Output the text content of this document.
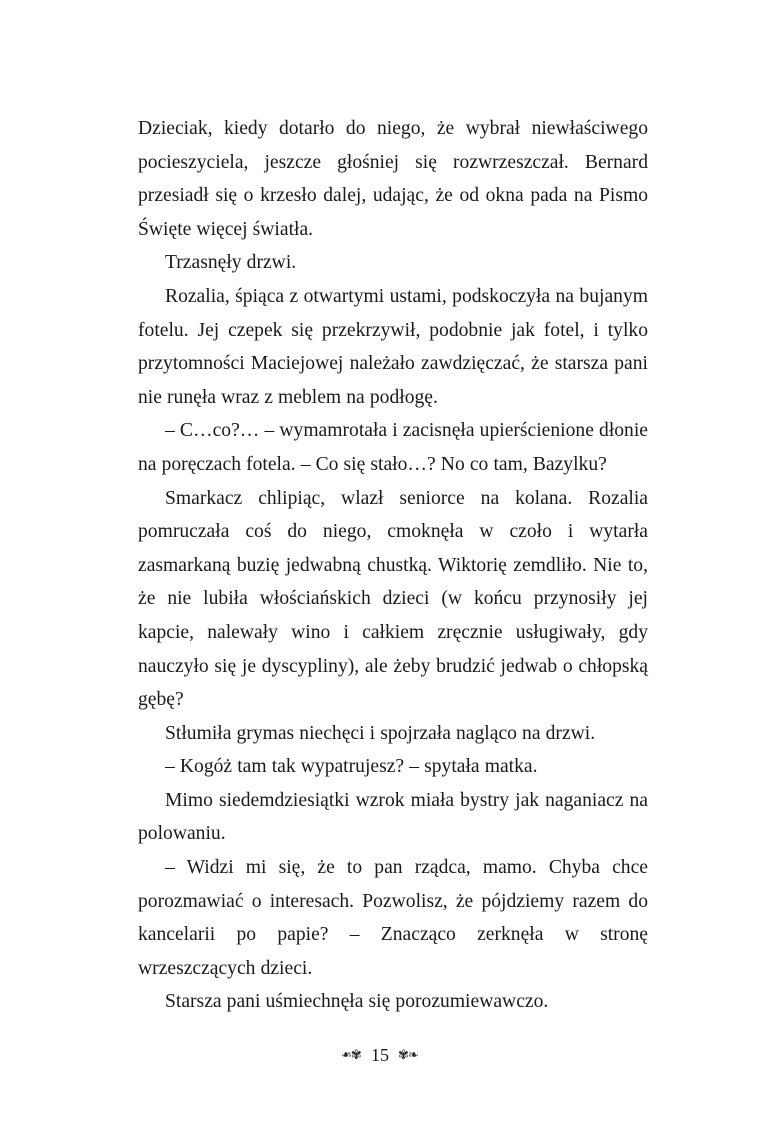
Dzieciak, kiedy dotarło do niego, że wybrał niewłaściwego pocieszyciela, jeszcze głośniej się rozwrzeszczał. Bernard przesiadł się o krzesło dalej, udając, że od okna pada na Pismo Święte więcej światła.

Trzasnęły drzwi.

Rozalia, śpiąca z otwartymi ustami, podskoczyła na bujanym fotelu. Jej czepek się przekrzywił, podobnie jak fotel, i tylko przytomności Maciejowej należało zawdzięczać, że starsza pani nie runęła wraz z meblem na podłogę.

– C…co?… – wymamrotała i zacisnęła upierścienione dłonie na poręczach fotela. – Co się stało…? No co tam, Bazylku?

Smarkacz chlipiąc, wlazł seniorce na kolana. Rozalia pomruczała coś do niego, cmoknęła w czoło i wytarła zasmarkaną buzię jedwabną chustką. Wiktorię zemdliło. Nie to, że nie lubiła włościańskich dzieci (w końcu przynosiły jej kapcie, nalewały wino i całkiem zręcznie usługiwały, gdy nauczyło się je dyscypliny), ale żeby brudzić jedwab o chłopską gębę?

Stłumiła grymas niechęci i spojrzała nagląco na drzwi.

– Kogóż tam tak wypatrujesz? – spytała matka.

Mimo siedemdziesiątki wzrok miała bystry jak naganiacz na polowaniu.

– Widzi mi się, że to pan rządca, mamo. Chyba chce porozmawiać o interesach. Pozwolisz, że pójdziemy razem do kancelarii po papie? – Znacząco zerknęła w stronę wrzeszczących dzieci.

Starsza pani uśmiechnęła się porozumiewawczo.

✾❧ 15 ✾❧
